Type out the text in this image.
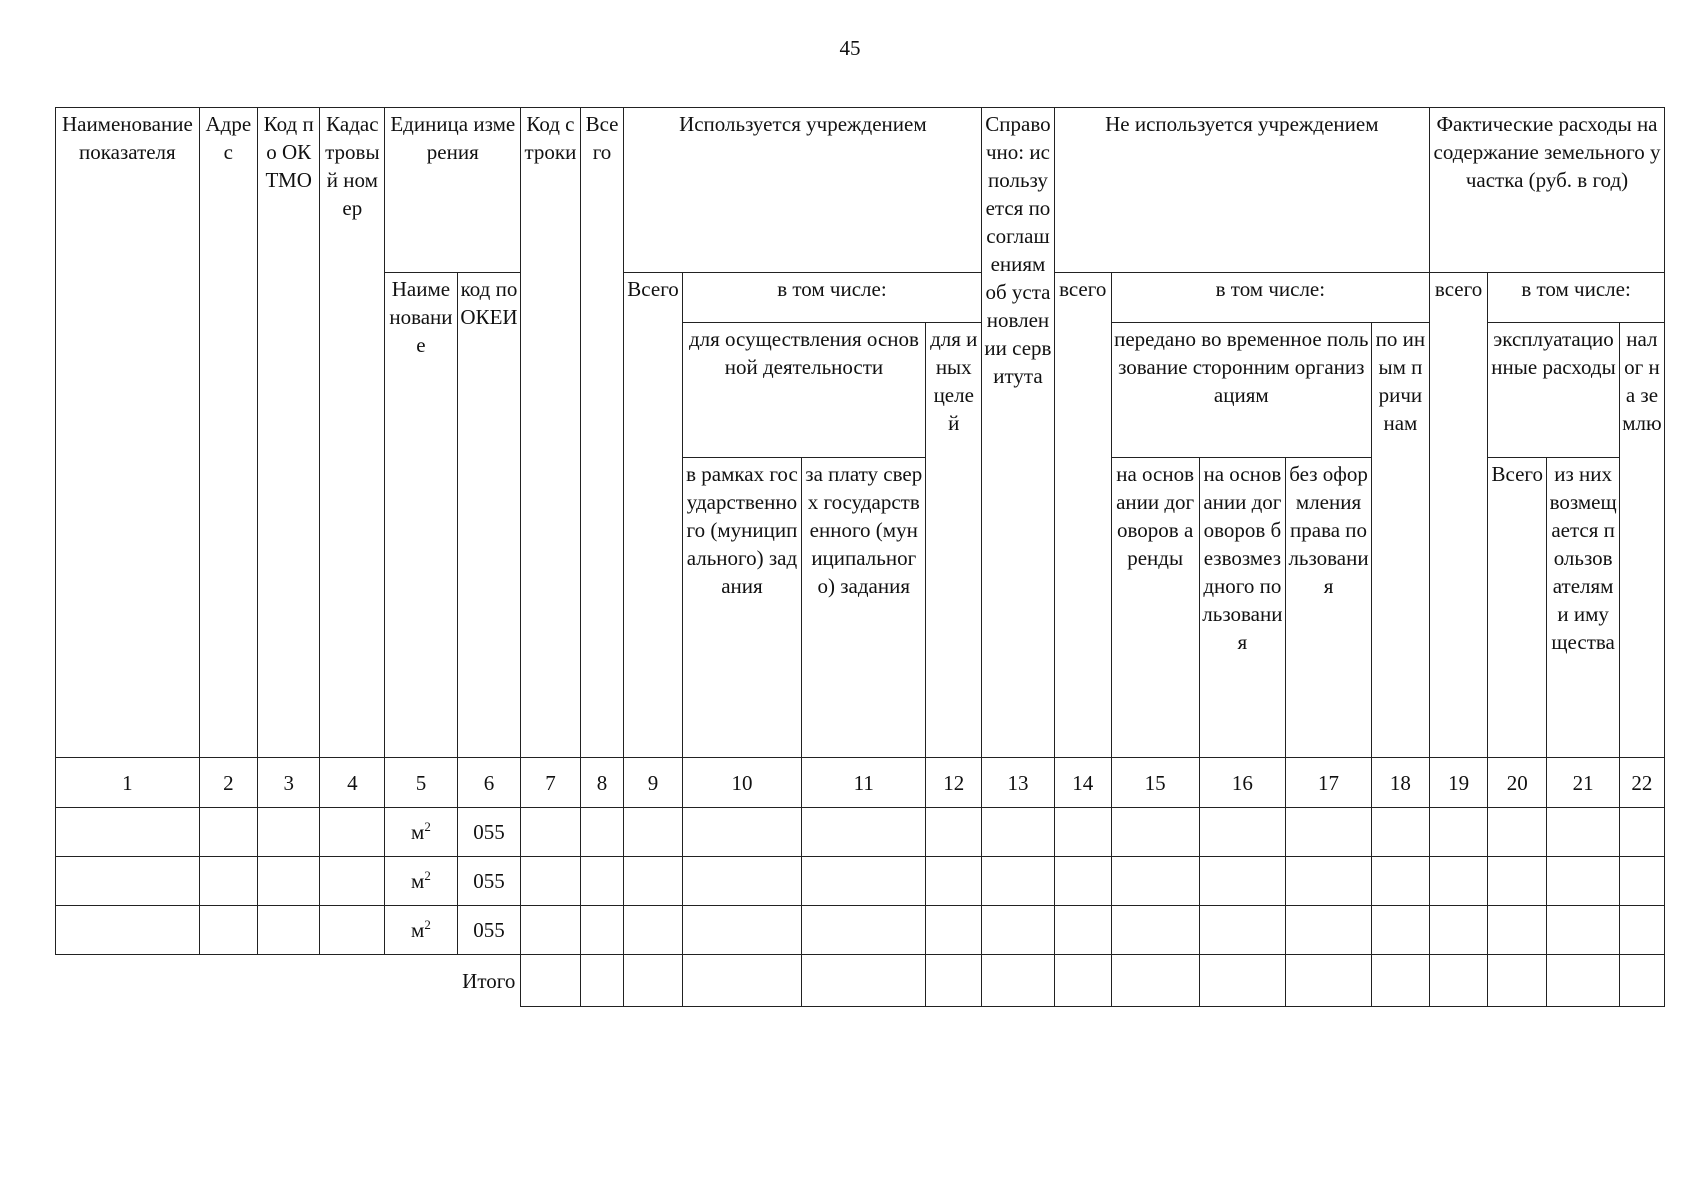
45
Наименование показателя	Адрес	Код по ОКТМО	Кадастровый номер	Единица измерения		Код строки	Всего	Используется учреждением				Справочно: используется по соглашениям об установлении сервитута	Не используется учреждением					Фактические расходы на содержание земельного участка (руб. в год)			
				Наименование	код по ОКЕИ			Всего	в том числе:				всего	в том числе:				всего	в том числе:		
									для осуществления основной деятельности		для иных целей			передано во временное пользование сторонним организациям			по иным причинам		эксплуатационные расходы		налог на землю
									в рамках государственного (муниципального) задания	за плату сверх государственного (муниципального) задания				на основании договоров аренды	на основании договоров безвозмездного пользования	без оформления права пользования			Всего	из них возмещается пользователями имущества	
1	2	3	4	5	6	7	8	9	10	11	12	13	14	15	16	17	18	19	20	21	22
				$м^2$	055																
				$м^2$	055																
				$м^2$	055																
					Итого																
